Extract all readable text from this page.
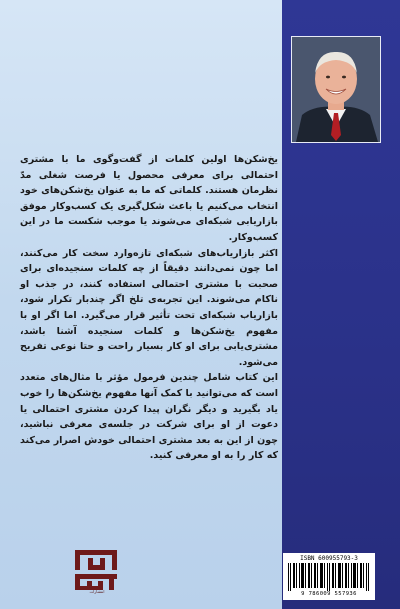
یخ‌شکن‌ها اولین کلمات از گفت‌وگوی ما با مشتری احتمالی برای معرفی محصول یا فرصت شغلی مدّ نظرمان هستند. کلماتی که ما به عنوان یخ‌شکن‌های خود انتخاب می‌کنیم یا باعث شکل‌گیری یک کسب‌وکار موفق بازاریابی شبکه‌ای می‌شوند یا موجب شکست ما در این کسب‌وکار.

اکثر بازاریاب‌های شبکه‌ای تازه‌وارد سخت کار می‌کنند، اما چون نمی‌دانند دقیقاً از چه کلمات سنجیده‌ای برای صحبت با مشتری احتمالی استفاده کنند، در جذب او ناکام می‌شوند. این تجربه‌ی تلخ اگر چندبار تکرار شود، بازاریاب شبکه‌ای تحت تأثیر قرار می‌گیرد. اما اگر او با مفهوم یخ‌شکن‌ها و کلمات سنجیده آشنا باشد، مشتری‌یابی برای او کار بسیار راحت و حتا نوعی تفریح می‌شود.

این کتاب شامل چندین فرمول مؤثر با مثال‌های متعدد است که می‌توانید با کمک آنها مفهوم یخ‌شکن‌ها را خوب یاد بگیرید و دیگر نگران پیدا کردن مشتری احتمالی یا دعوت از او برای شرکت در جلسه‌ی معرفی نباشید، چون از این به بعد مشتری احتمالی خودش اصرار می‌کند که کار را به او معرفی کنید.

انتشارات
ISBN 600955793-3
9 786009 557936
